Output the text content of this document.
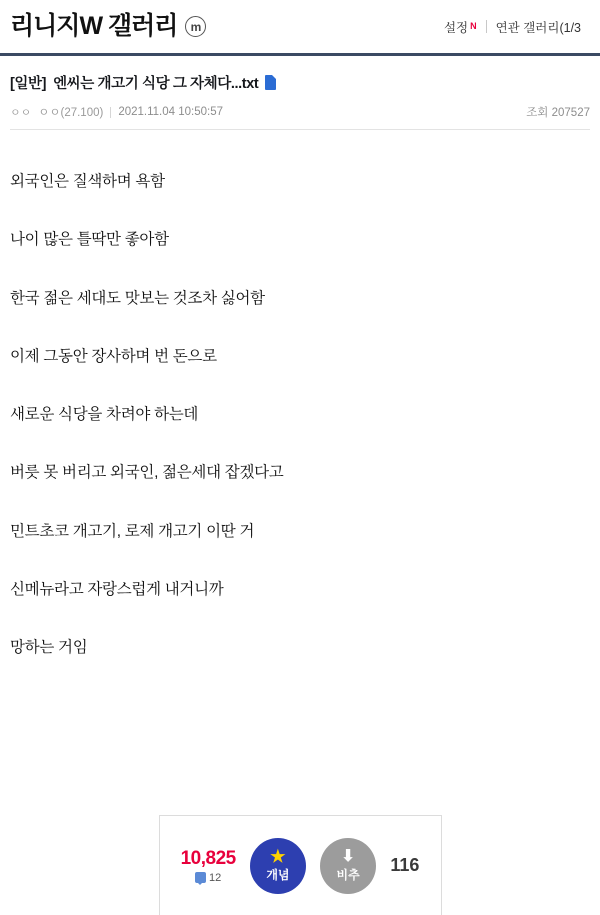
리니지W 갤러리	m	설정 N 연관 갤러리(1/3
[일반] 엔씨는 개고기 식당 그 자체다...txt
ㅇㅇ ㅇㅇ(27.100) 2021.11.04 10:50:57	조회 207527

외국인은 질색하며 욕함

나이 많은 틀딱만 좋아함

한국 젊은 세대도 맛보는 것조차 싫어함

이제 그동안 장사하며 번 돈으로

새로운 식당을 차려야 하는데

버릇 못 버리고 외국인, 젊은세대 잡겠다고

민트초코 개고기, 로제 개고기 이딴 거

신메뉴라고 자랑스럽게 내거니까

망하는 거임

10,825
12
★
개념
⬇
비추 116
